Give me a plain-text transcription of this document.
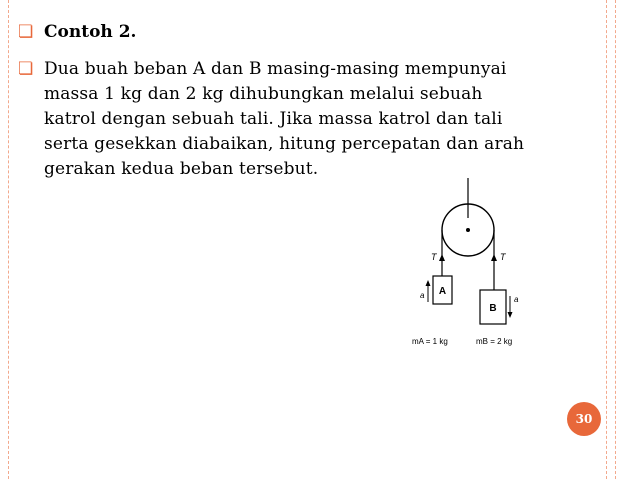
❏ Contoh 2.
❏ Dua buah beban A dan B masing-masing mempunyai
massa 1 kg dan 2 kg dihubungkan melalui sebuah
katrol dengan sebuah tali. Jika massa katrol dan tali
serta gesekkan diabaikan, hitung percepatan dan arah
gerakan kedua beban tersebut.
T	T
A
B
a	a
mA = 1 kg	mB = 2 kg
30
